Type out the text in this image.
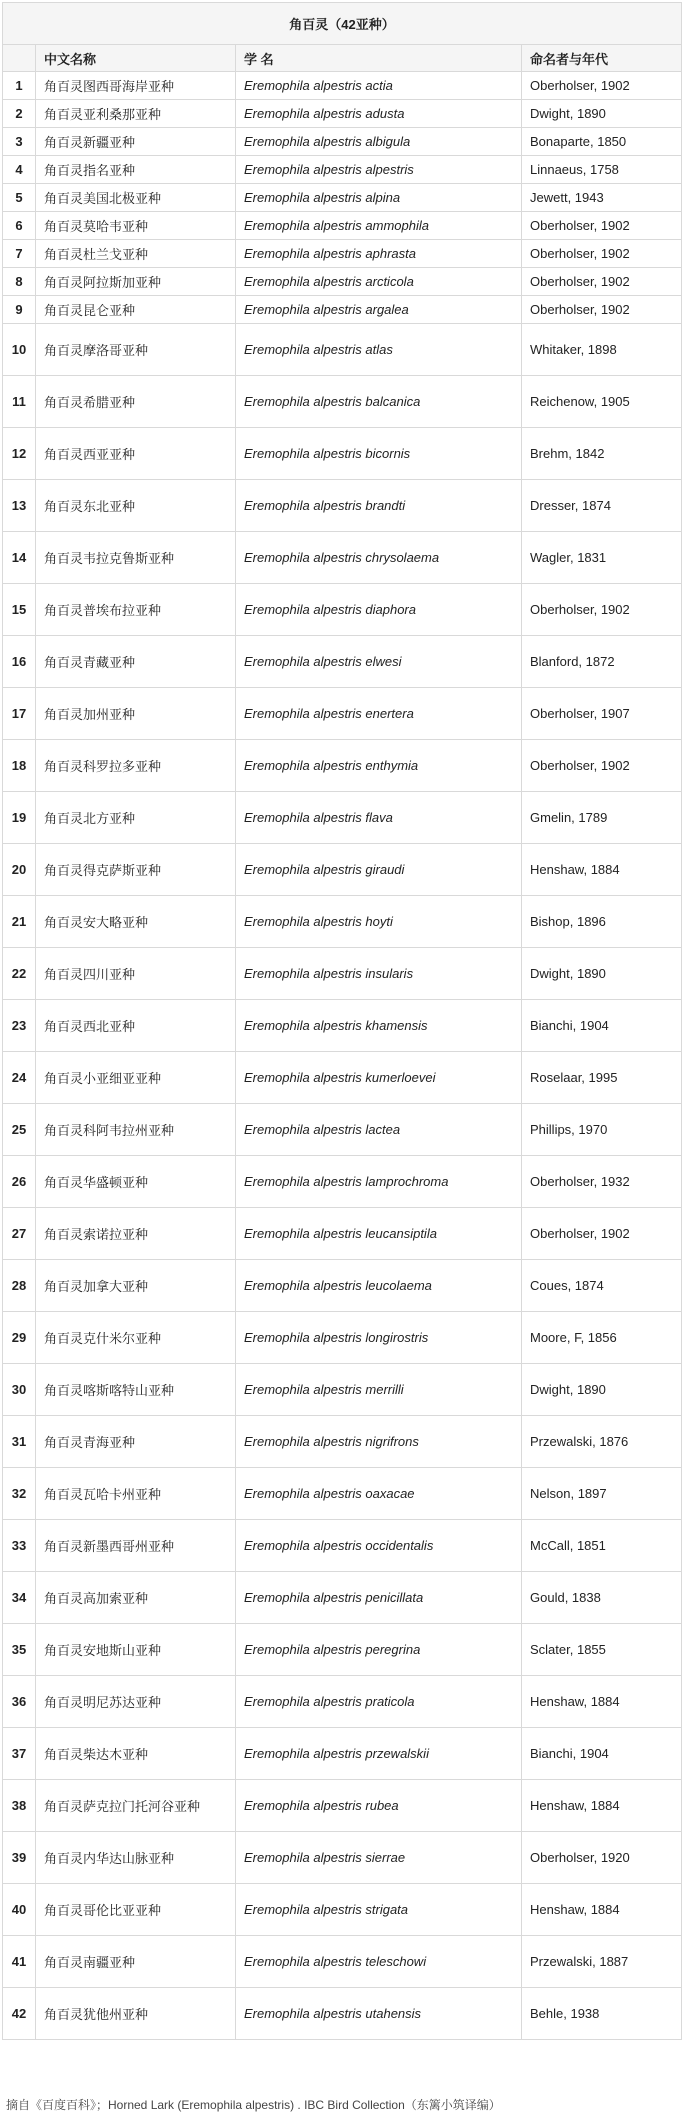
角百灵（42亚种）			
	中文名称	学 名	命名者与年代
1	角百灵图西哥海岸亚种	Eremophila alpestris actia	Oberholser, 1902
2	角百灵亚利桑那亚种	Eremophila alpestris adusta	Dwight, 1890
3	角百灵新疆亚种	Eremophila alpestris albigula	Bonaparte, 1850
4	角百灵指名亚种	Eremophila alpestris alpestris	Linnaeus, 1758
5	角百灵美国北极亚种	Eremophila alpestris alpina	Jewett, 1943
6	角百灵莫哈韦亚种	Eremophila alpestris ammophila	Oberholser, 1902
7	角百灵杜兰戈亚种	Eremophila alpestris aphrasta	Oberholser, 1902
8	角百灵阿拉斯加亚种	Eremophila alpestris arcticola	Oberholser, 1902
9	角百灵昆仑亚种	Eremophila alpestris argalea	Oberholser, 1902
10	角百灵摩洛哥亚种	Eremophila alpestris atlas	Whitaker, 1898
11	角百灵希腊亚种	Eremophila alpestris balcanica	Reichenow, 1905
12	角百灵西亚亚种	Eremophila alpestris bicornis	Brehm, 1842
13	角百灵东北亚种	Eremophila alpestris brandti	Dresser, 1874
14	角百灵韦拉克鲁斯亚种	Eremophila alpestris chrysolaema	Wagler, 1831
15	角百灵普埃布拉亚种	Eremophila alpestris diaphora	Oberholser, 1902
16	角百灵青藏亚种	Eremophila alpestris elwesi	Blanford, 1872
17	角百灵加州亚种	Eremophila alpestris enertera	Oberholser, 1907
18	角百灵科罗拉多亚种	Eremophila alpestris enthymia	Oberholser, 1902
19	角百灵北方亚种	Eremophila alpestris flava	Gmelin, 1789
20	角百灵得克萨斯亚种	Eremophila alpestris giraudi	Henshaw, 1884
21	角百灵安大略亚种	Eremophila alpestris hoyti	Bishop, 1896
22	角百灵四川亚种	Eremophila alpestris insularis	Dwight, 1890
23	角百灵西北亚种	Eremophila alpestris khamensis	Bianchi, 1904
24	角百灵小亚细亚亚种	Eremophila alpestris kumerloevei	Roselaar, 1995
25	角百灵科阿韦拉州亚种	Eremophila alpestris lactea	Phillips, 1970
26	角百灵华盛顿亚种	Eremophila alpestris lamprochroma	Oberholser, 1932
27	角百灵索诺拉亚种	Eremophila alpestris leucansiptila	Oberholser, 1902
28	角百灵加拿大亚种	Eremophila alpestris leucolaema	Coues, 1874
29	角百灵克什米尔亚种	Eremophila alpestris longirostris	Moore, F, 1856
30	角百灵喀斯喀特山亚种	Eremophila alpestris merrilli	Dwight, 1890
31	角百灵青海亚种	Eremophila alpestris nigrifrons	Przewalski, 1876
32	角百灵瓦哈卡州亚种	Eremophila alpestris oaxacae	Nelson, 1897
33	角百灵新墨西哥州亚种	Eremophila alpestris occidentalis	McCall, 1851
34	角百灵高加索亚种	Eremophila alpestris penicillata	Gould, 1838
35	角百灵安地斯山亚种	Eremophila alpestris peregrina	Sclater, 1855
36	角百灵明尼苏达亚种	Eremophila alpestris praticola	Henshaw, 1884
37	角百灵柴达木亚种	Eremophila alpestris przewalskii	Bianchi, 1904
38	角百灵萨克拉门托河谷亚种	Eremophila alpestris rubea	Henshaw, 1884
39	角百灵内华达山脉亚种	Eremophila alpestris sierrae	Oberholser, 1920
40	角百灵哥伦比亚亚种	Eremophila alpestris strigata	Henshaw, 1884
41	角百灵南疆亚种	Eremophila alpestris teleschowi	Przewalski, 1887
42	角百灵犹他州亚种	Eremophila alpestris utahensis	Behle, 1938
摘自《百度百科》；Horned Lark (Eremophila alpestris) . IBC Bird Collection（东篱小筑译编）
